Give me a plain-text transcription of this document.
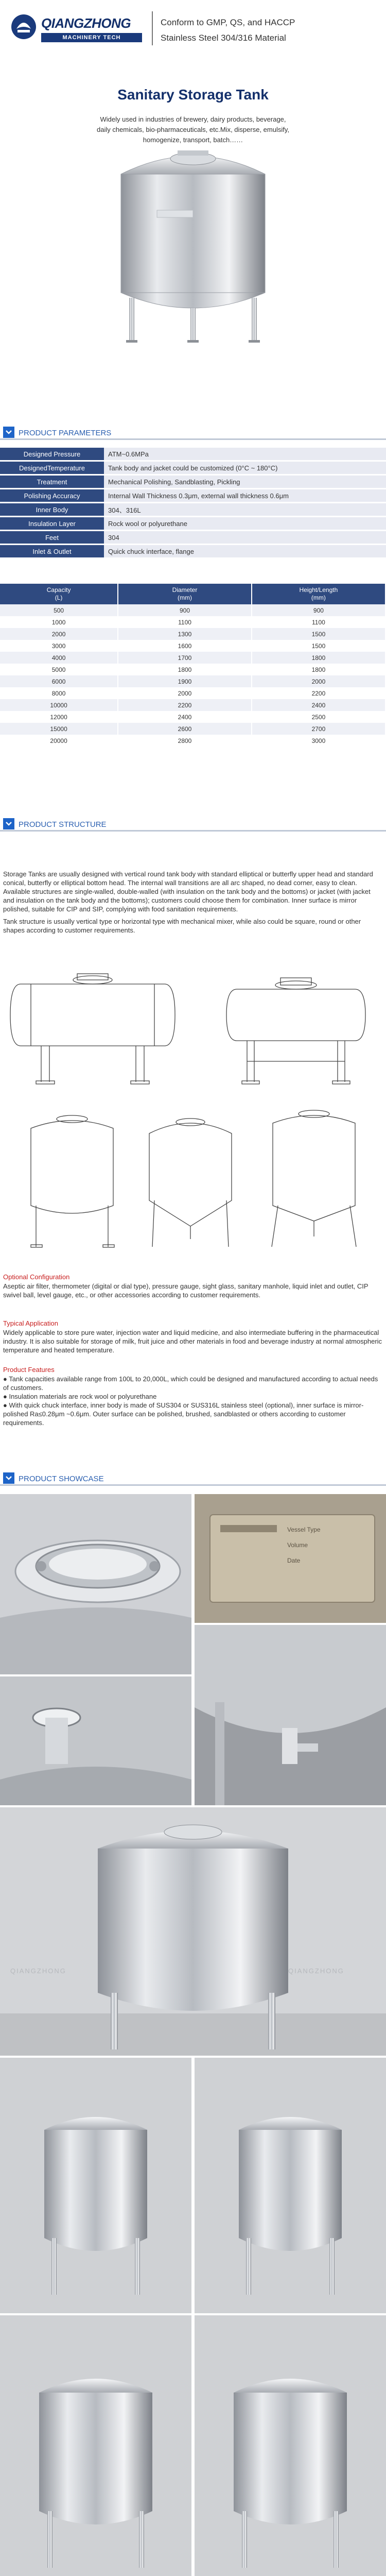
QIANGZHONG
MACHINERY TECH
Conform to GMP, QS, and HACCP
Stainless Steel 304/316 Material
Sanitary Storage Tank
Widely used in industries of brewery, dairy products, beverage, daily chemicals, bio-pharmaceuticals, etc.Mix, disperse, emulsify, homogenize, transport, batch……
PRODUCT PARAMETERS
Designed Pressure	ATM~0.6MPa
DesignedTemperature	Tank body and jacket could be customized (0°C ~ 180°C)
Treatment	Mechanical Polishing, Sandblasting, Pickling
Polishing Accuracy	Internal Wall Thickness 0.3μm, external wall thickness 0.6μm
Inner Body	304、316L
Insulation Layer	Rock wool or polyurethane
Feet	304
Inlet & Outlet	Quick chuck interface, flange
Capacity
(L)	Diameter
(mm)	Height/Length
(mm)
500	900	900
1000	1100	1100
2000	1300	1500
3000	1600	1500
4000	1700	1800
5000	1800	1800
6000	1900	2000
8000	2000	2200
10000	2200	2400
12000	2400	2500
15000	2600	2700
20000	2800	3000
PRODUCT STRUCTURE
Storage Tanks are usually designed with vertical round tank body with standard elliptical or butterfly upper head and standard conical, butterfly or elliptical bottom head. The internal wall transitions are all arc shaped, no dead corner, easy to clean. Available structures are single-walled, double-walled (with insulation on the tank body and the bottoms) or jacket (with jacket and insulation on the tank body and the bottoms); customers could choose them for combination. Inner surface is mirror polished, suitable for CIP and SIP, complying with food sanitation requirements.
Tank structure is usually vertical type or horizontal type with mechanical mixer, while also could be square, round or other shapes according to customer requirements.
Optional Configuration
Aseptic air filter, thermometer (digital or dial type), pressure gauge, sight glass, sanitary manhole, liquid inlet and outlet, CIP swivel ball, level gauge, etc., or other accessories according to customer requirements.
Typical Application
Widely applicable to store pure water, injection water and liquid medicine, and also intermediate buffering in the pharmaceutical industry. It is also suitable for storage of milk, fruit juice and other materials in food and beverage industry at normal atmospheric temperature and heated temperature.
Product Features
● Tank capacities available range from 100L to 20,000L, which could be designed and manufactured according to actual needs of customers.
● Insulation materials are rock wool or polyurethane
● With quick chuck interface, inner body is made of SUS304 or SUS316L stainless steel (optional), inner surface is mirror-polished Ra≤0.28μm ~0.6μm. Outer surface can be polished, brushed, sandblasted or others according to customer requirements.
PRODUCT SHOWCASE
Vessel Type
Volume
Date
QIANGZHONG	QIANGZHONG
